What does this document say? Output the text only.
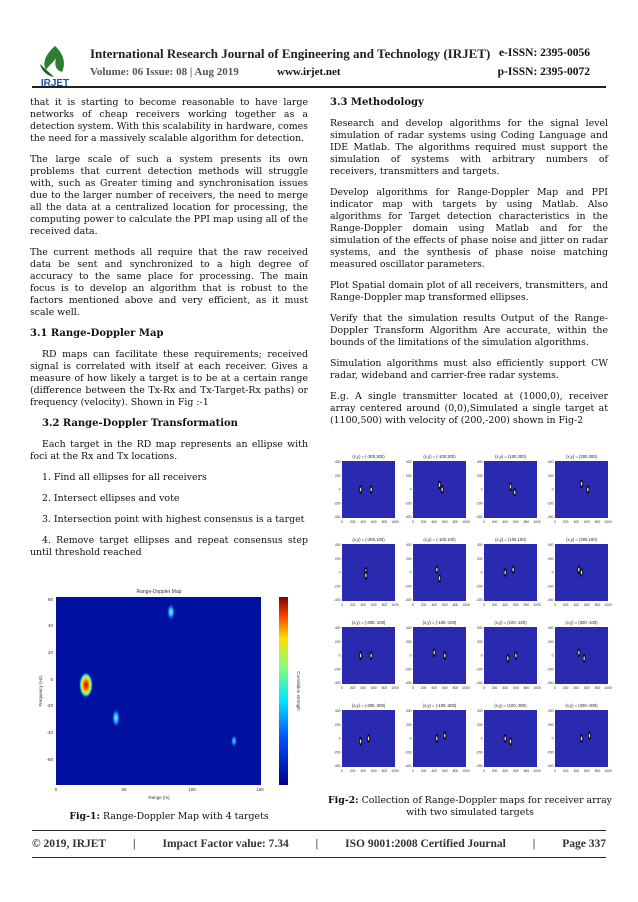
IRJET
International Research Journal of Engineering and Technology (IRJET) e-ISSN: 2395-0056
Volume: 06 Issue: 08 | Aug 2019	www.irjet.net	p-ISSN: 2395-0072

that it is starting to become reasonable to have large networks of cheap receivers working together as a detection system. With this scalability in hardware, comes the need for a massively scalable algorithm for detection.

The large scale of such a system presents its own problems that current detection methods will struggle with, such as Greater timing and synchronisation issues due to the larger number of receivers, the need to merge all the data at a centralized location for processing, the computing power to calculate the PPI map using all of the received data.

The current methods all require that the raw received data be sent and synchronized to a high degree of accuracy to the same place for processing. The main focus is to develop an algorithm that is robust to the factors mentioned above and very efficient, as it must scale well.

3.1 Range-Doppler Map

RD maps can facilitate these requirements; received signal is correlated with itself at each receiver. Gives a measure of how likely a target is to be at a certain range (difference between the Tx-Rx and Tx-Target-Rx paths) or frequency (velocity). Shown in Fig :-1

3.2 Range-Doppler Transformation

Each target in the RD map represents an ellipse with foci at the Rx and Tx locations.

1. Find all ellipses for all receivers

2. Intersect ellipses and vote

3. Intersection point with highest consensus is a target

4. Remove target ellipses and repeat consensus step until threshold reached

Range-Doppler Map
Correlation strength
60
40
20
0
-20
-40
-60
0	50	100	150
Range (m)
Frequency (Hz)
Fig-1: Range-Doppler Map with 4 targets
3.3 Methodology

Research and develop algorithms for the signal level simulation of radar systems using Coding Language and IDE Matlab. The algorithms required must support the simulation of systems with arbitrary numbers of receivers, transmitters and targets.

Develop algorithms for Range-Doppler Map and PPI indicator map with targets by using Matlab. Also algorithms for Target detection characteristics in the Range-Doppler domain using Matlab and for the simulation of the effects of phase noise and jitter on radar systems, and the synthesis of phase noise matching measured oscillator parameters.

Plot Spatial domain plot of all receivers, transmitters, and Range-Doppler map transformed ellipses.

Verify that the simulation results Output of the Range-Doppler Transform Algorithm Are accurate, within the bounds of the limitations of the simulation algorithms.

Simulation algorithms must also efficiently support CW radar, wideband and carrier-free radar systems.

E.g. A single transmitter located at (1000,0), receiver array centered around (0,0),Simulated a single target at (1100,500) with velocity of (200,-200) shown in Fig-2

(x,y) = (-300,300)
400
200
0
-200
-400
0 200 400 600 800 1000
(x,y) = (-100,300)
400
200
0
-200
-400
0 200 400 600 800 1000
(x,y) = (100,300)
400
200
0
-200
-400
0 200 400 600 800 1000
(x,y) = (300,300)
400
200
0
-200
-400
0 200 400 600 800 1000
(x,y) = (-300,100)
400
200
0
-200
-400
0 200 400 600 800 1000
(x,y) = (-100,100)
400
200
0
-200
-400
0 200 400 600 800 1000
(x,y) = (100,100)
400
200
0
-200
-400
0 200 400 600 800 1000
(x,y) = (300,100)
400
200
0
-200
-400
0 200 400 600 800 1000
(x,y) = (-300,-100)
400
200
0
-200
-400
0 200 400 600 800 1000
(x,y) = (-100,-100)
400
200
0
-200
-400
0 200 400 600 800 1000
(x,y) = (100,-100)
400
200
0
-200
-400
0 200 400 600 800 1000
(x,y) = (300,-100)
400
200
0
-200
-400
0 200 400 600 800 1000
(x,y) = (-300,-300)
400
200
0
-200
-400
0 200 400 600 800 1000
(x,y) = (-100,-300)
400
200
0
-200
-400
0 200 400 600 800 1000
(x,y) = (100,-300)
400
200
0
-200
-400
0 200 400 600 800 1000
(x,y) = (300,-300)
400
200
0
-200
-400
0 200 400 600 800 1000
Fig-2: Collection of Range-Doppler maps for receiver array with two simulated targets
© 2019, IRJET | Impact Factor value: 7.34 | ISO 9001:2008 Certified Journal | Page 337
